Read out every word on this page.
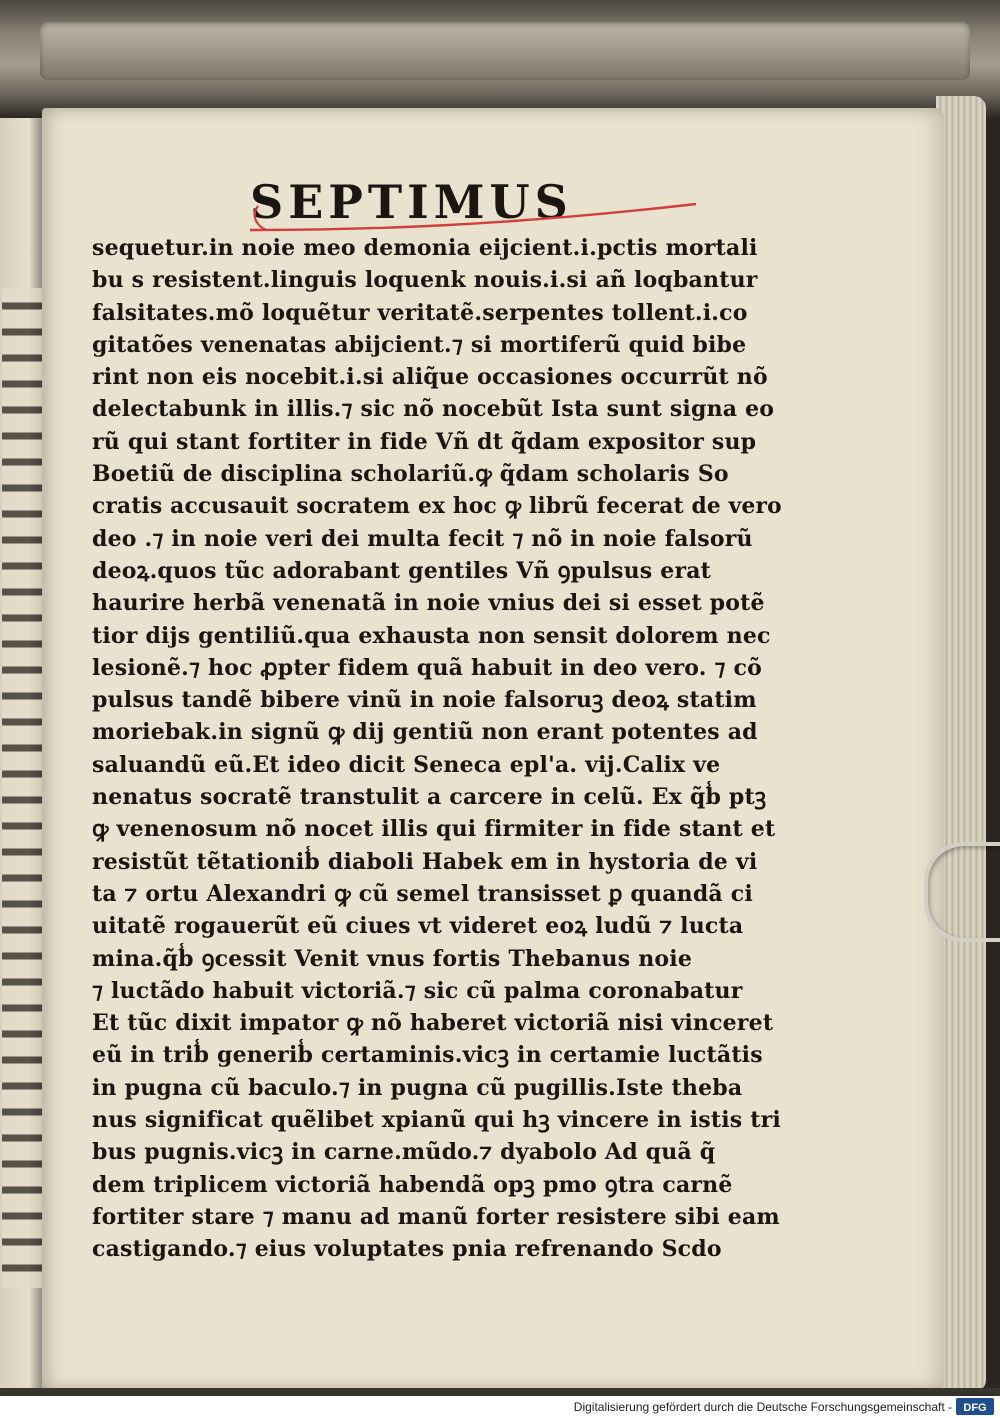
SEPTIMUS
sequetur.in noie meo demonia eijcient.i.pctis mortali
bu s resistent.linguis loquenk nouis.i.si añ loqbantur
falsitates.mõ loquẽtur veritatẽ.serpentes tollent.i.co
gitatões venenatas abijcient.⁊ si mortiferũ quid bibe
rint non eis nocebit.i.si aliq̃ue occasiones occurrũt nõ
delectabunk in illis.⁊ sic nõ nocebũt Ista sunt signa eo
rũ qui stant fortiter in fide Vñ dt q̃dam expositor sup
Boetiũ de disciplina scholariũ.ꝙ q̃dam scholaris So
cratis accusauit socratem ex hoc ꝙ librũ fecerat de vero
deo .⁊ in noie veri dei multa fecit ⁊ nõ in noie falsorũ
deoꝝ.quos tũc adorabant gentiles Vñ ꝯpulsus erat
haurire herbã venenatã in noie vnius dei si esset potẽ
tior dijs gentiliũ.qua exhausta non sensit dolorem nec
lesionẽ.⁊ hoc ꝓpter fidem quã habuit in deo vero. ⁊ cõ
pulsus tandẽ bibere vinũ in noie falsoruꝫ deoꝝ statim
moriebak.in signũ ꝙ dij gentiũ non erant potentes ad
saluandũ eũ.Et ideo dicit Seneca epl'a. vij.Calix ve
nenatus socratẽ transtulit a carcere in celũ. Ex q̃b̾ ptꝫ
ꝙ venenosum nõ nocet illis qui firmiter in fide stant et
resistũt tẽtationib̾ diaboli Habek em in hystoria de vi
ta ⁊ ortu Alexandri ꝙ cũ semel transisset ꝑ quandã ci
uitatẽ rogauerũt eũ ciues vt videret eoꝝ ludũ ⁊ lucta
mina.q̃b̾ ꝯcessit Venit vnus fortis Thebanus noie
⁊ luctãdo habuit victoriã.⁊ sic cũ palma coronabatur
Et tũc dixit impator ꝙ nõ haberet victoriã nisi vinceret
eũ in trib̾ generib̾ certaminis.vicꝫ in certamie luctãtis
in pugna cũ baculo.⁊ in pugna cũ pugillis.Iste theba
nus significat quẽlibet xpianũ qui hꝫ vincere in istis tri
bus pugnis.vicꝫ in carne.mũdo.⁊ dyabolo Ad quã q̃
dem triplicem victoriã habendã opꝫ pmo ꝯtra carnẽ
fortiter stare ⁊ manu ad manũ forter resistere sibi eam
castigando.⁊ eius voluptates pnia refrenando Scdo
Digitalisierung gefördert durch die Deutsche Forschungsgemeinschaft - DFG
